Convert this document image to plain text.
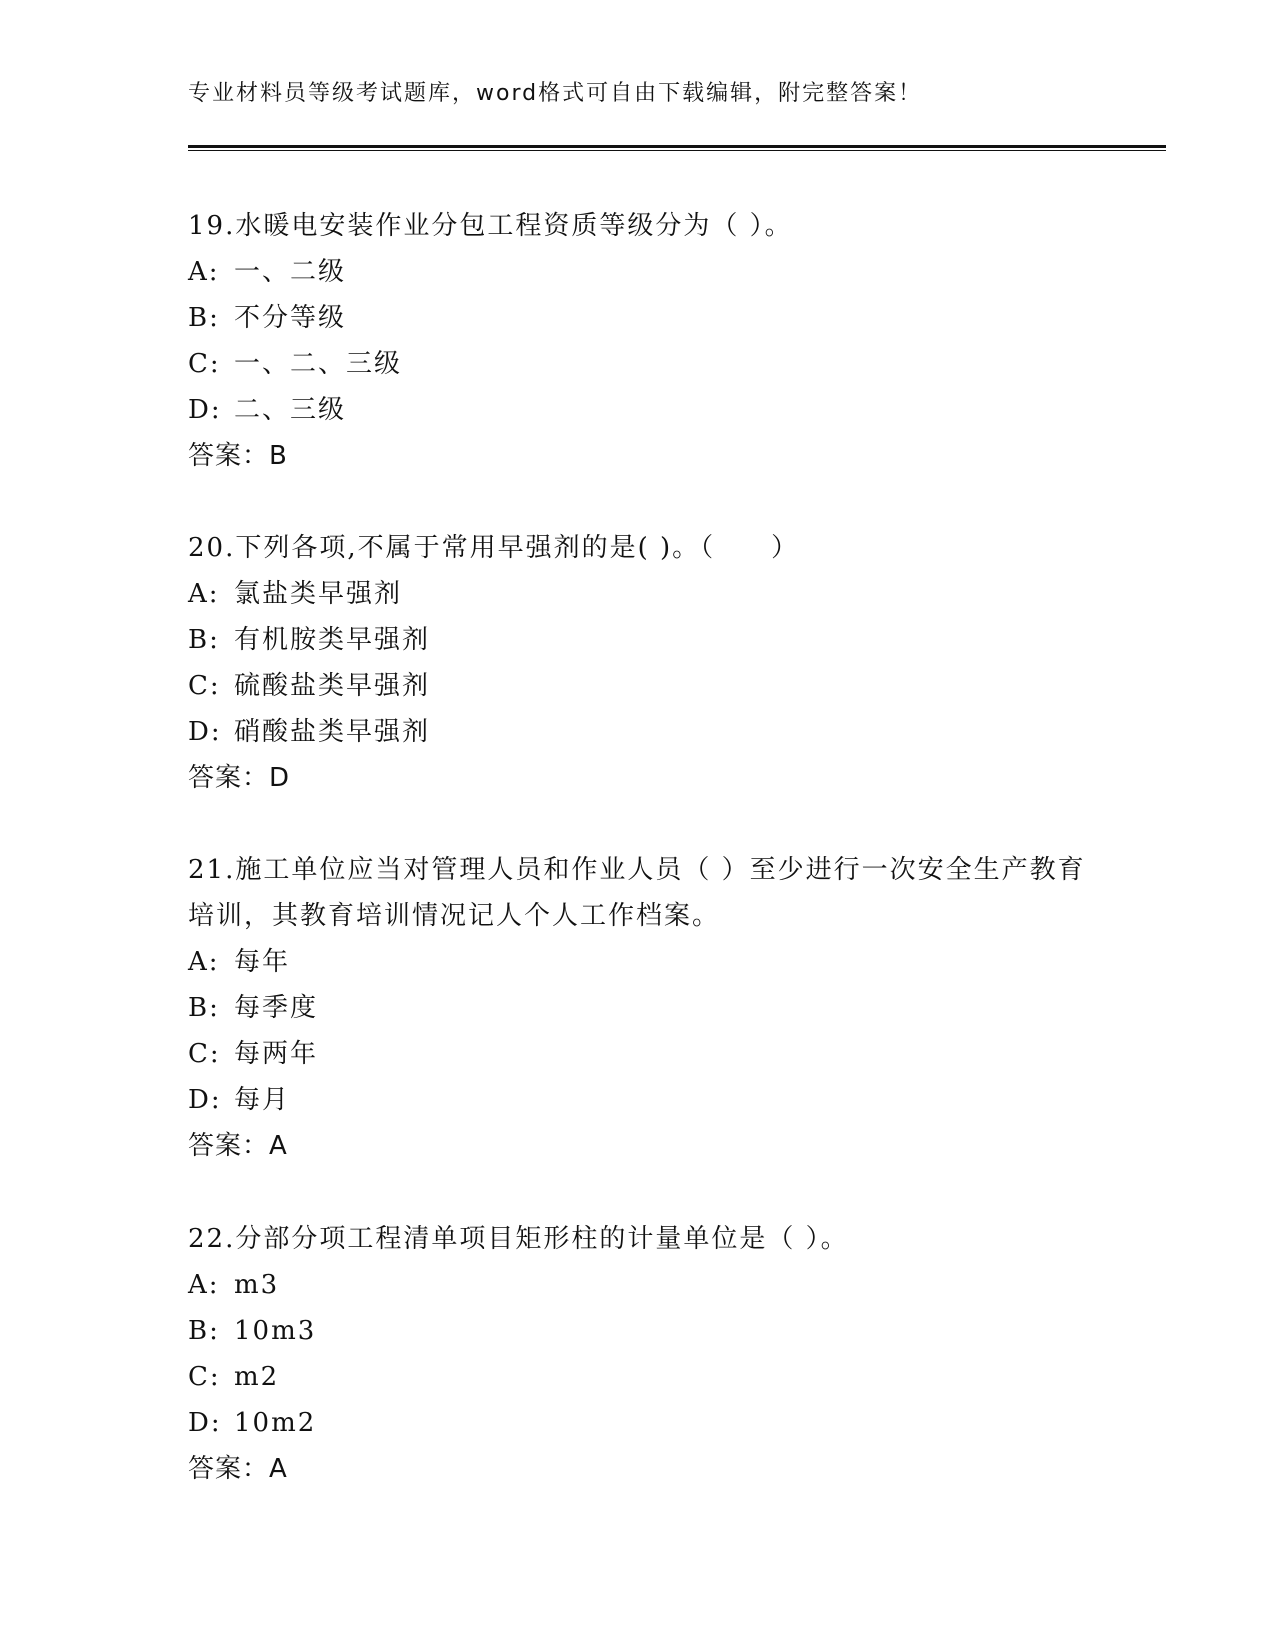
专业材料员等级考试题库，word格式可自由下载编辑，附完整答案！

19.水暖电安装作业分包工程资质等级分为（ ）。

A: 一、二级

B: 不分等级

C: 一、二、三级

D: 二、三级

答案：B

20.下列各项,不属于常用早强剂的是( )。（　　）

A: 氯盐类早强剂

B: 有机胺类早强剂

C: 硫酸盐类早强剂

D: 硝酸盐类早强剂

答案：D

21.施工单位应当对管理人员和作业人员（ ）至少进行一次安全生产教育培训，其教育培训情况记人个人工作档案。

A: 每年

B: 每季度

C: 每两年

D: 每月

答案：A

22.分部分项工程清单项目矩形柱的计量单位是（ ）。

A: m3

B: 10m3

C: m2

D: 10m2

答案：A
